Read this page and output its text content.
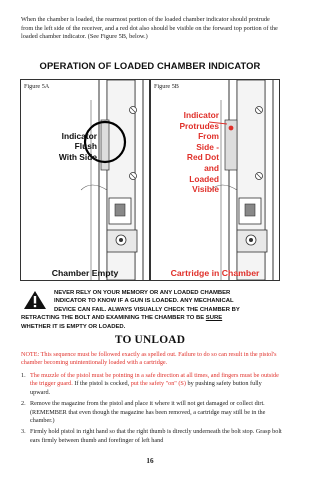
When the chamber is loaded, the rearmost portion of the loaded chamber indicator should protrude from the left side of the receiver, and a red dot also should be visible on the forward top portion of the loaded chamber indicator. (See Figure 5B, below.)
OPERATION OF LOADED CHAMBER INDICATOR
Figure 5A
Indicator
Flush
With Side
Chamber Empty
Figure 5B
Indicator
Protrudes
From
Side -
Red Dot
and
Loaded
Visible
Cartridge in Chamber
NEVER RELY ON YOUR MEMORY OR ANY LOADED CHAMBER
INDICATOR TO KNOW IF A GUN IS LOADED. ANY MECHANICAL
DEVICE CAN FAIL. ALWAYS VISUALLY CHECK THE CHAMBER BY
RETRACTING THE BOLT AND EXAMINING THE CHAMBER TO BE SURE
WHETHER IT IS EMPTY OR LOADED.
TO UNLOAD
NOTE: This sequence must be followed exactly as spelled out. Failure to do so can result in the pistol's chamber becoming unintentionally loaded with a cartridge.
1. The muzzle of the pistol must be pointing in a safe direction at all times, and fingers must be outside the trigger guard. If the pistol is cocked, put the safety "on" (S) by pushing safety button fully upward.
2. Remove the magazine from the pistol and place it where it will not get damaged or collect dirt. (REMEMBER that even though the magazine has been removed, a cartridge may still be in the chamber.)
3. Firmly hold pistol in right hand so that the right thumb is directly underneath the bolt stop. Grasp bolt ears firmly between thumb and forefinger of left hand
16
